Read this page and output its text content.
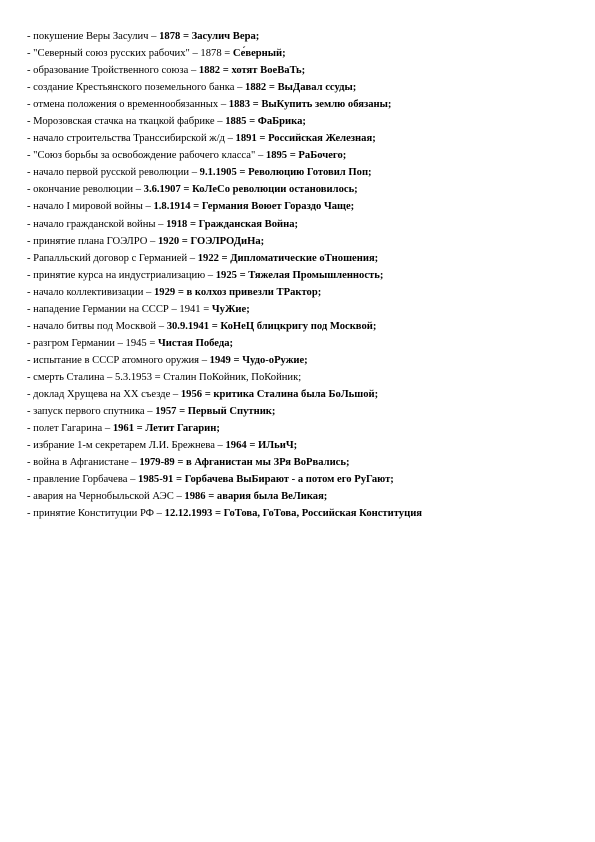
- покушение Веры Засулич – 1878 = Засулич Вера;
- "Северный союз русских рабочих" – 1878 = Се́верный;
- образование Тройственного союза – 1882 = хотят ВоеВаТь;
- создание Крестьянского поземельного банка – 1882 = ВыДавал ссуды;
- отмена положения о временнообязанных – 1883 = ВыКупить землю обязаны;
- Морозовская стачка на ткацкой фабрике – 1885 = ФаБрика;
- начало строительства Транссибирской ж/д – 1891 = Российская Железная;
- "Союз борьбы за освобождение рабочего класса" – 1895 = РаБочего;
- начало первой русской революции – 9.1.1905 = Революцию Готовил Поп;
- окончание революции – 3.6.1907 = КоЛеСо революции остановилось;
- начало I мировой войны – 1.8.1914 = Германия Воюет Гораздо Чаще;
- начало гражданской войны – 1918 = Гражданская Война;
- принятие плана ГОЭЛРО – 1920 = ГОЭЛРОДиНа;
- Рапалльский договор с Германией – 1922 = Дипломатические оТношения;
- принятие курса на индустриализацию – 1925 = Тяжелая Промышленность;
- начало коллективизации – 1929 = в колхоз привезли ТРактор;
- нападение Германии на СССР – 1941 = ЧуЖие;
- начало битвы под Москвой – 30.9.1941 = КоНеЦ блицкригу под Москвой;
- разгром Германии – 1945 = Чистая Победа;
- испытание в СССР атомного оружия – 1949 = Чудо-оРужие;
- смерть Сталина – 5.3.1953 = Сталин ПоКойник, ПоКойник;
- доклад Хрущева на XX съезде – 1956 = критика Сталина была БоЛьшой;
- запуск первого спутника – 1957 = Первый Спутник;
- полет Гагарина – 1961 = Летит Гагарин;
- избрание 1-м секретарем Л.И. Брежнева – 1964 = ИЛьиЧ;
- война в Афганистане – 1979-89 = в Афганистан мы ЗРя ВоРвались;
- правление Горбачева – 1985-91 = Горбачева ВыБирают - а потом его РуГают;
- авария на Чернобыльской АЭС – 1986 = авария была ВеЛикая;
- принятие Конституции РФ – 12.12.1993 = ГоТова, ГоТова, Российская Конституция
